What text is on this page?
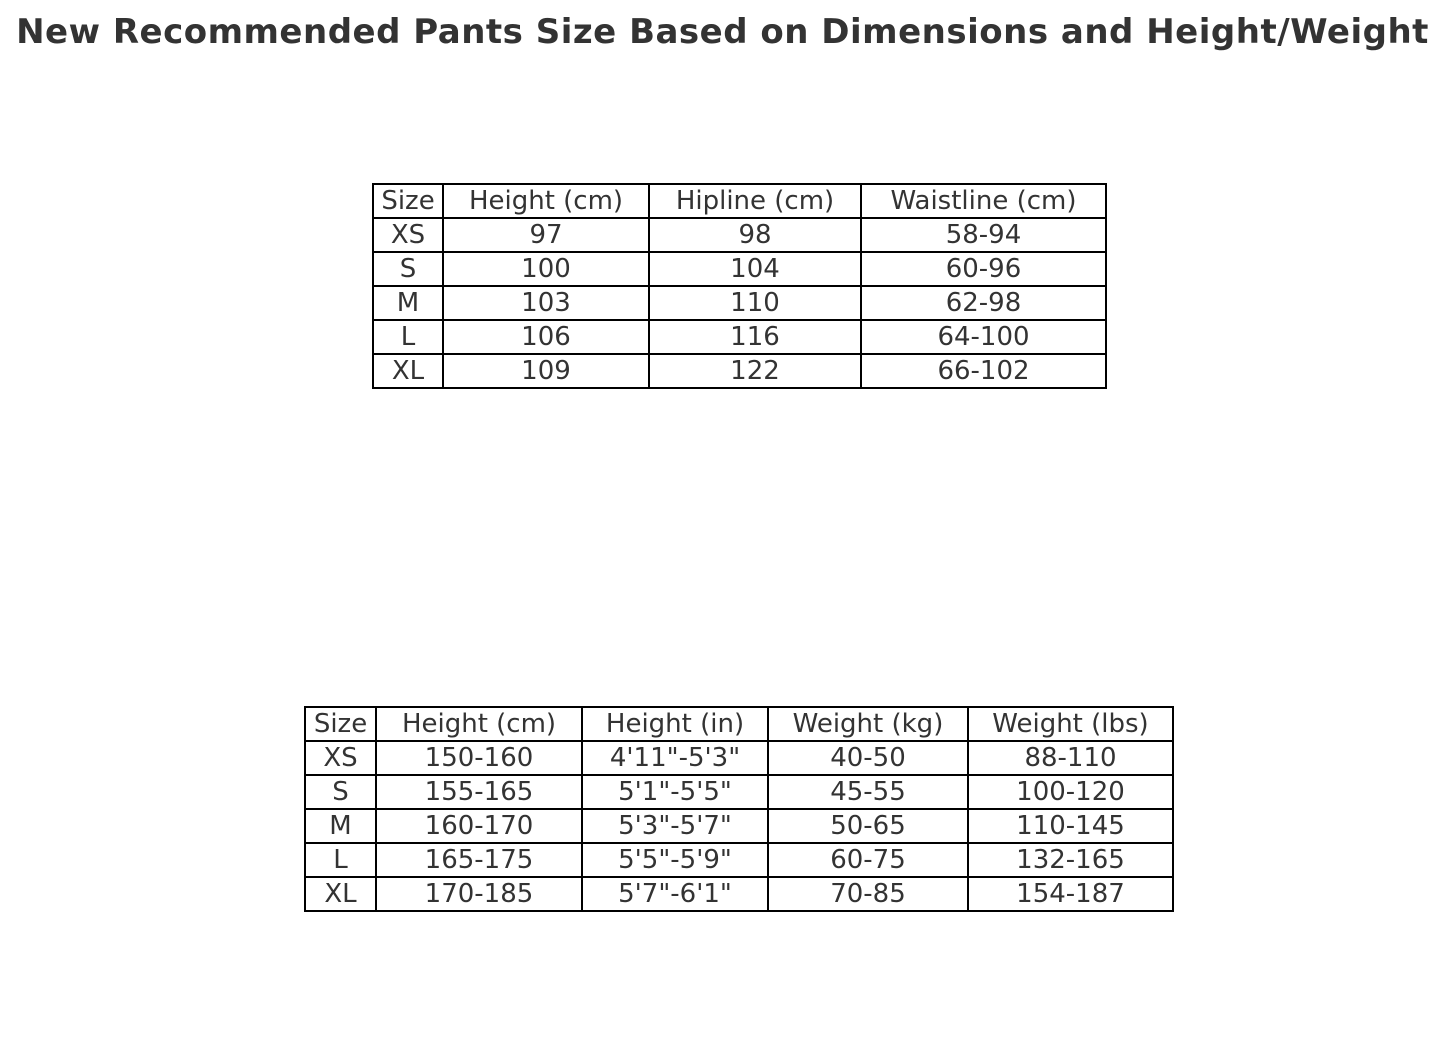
New Recommended Pants Size Based on Dimensions and Height/Weight
Size	Height (cm)	Hipline (cm)	Waistline (cm)
XS	97	98	58-94
S	100	104	60-96
M	103	110	62-98
L	106	116	64-100
XL	109	122	66-102
Size	Height (cm)	Height (in)	Weight (kg)	Weight (lbs)
XS	150-160	4'11"-5'3"	40-50	88-110
S	155-165	5'1"-5'5"	45-55	100-120
M	160-170	5'3"-5'7"	50-65	110-145
L	165-175	5'5"-5'9"	60-75	132-165
XL	170-185	5'7"-6'1"	70-85	154-187
